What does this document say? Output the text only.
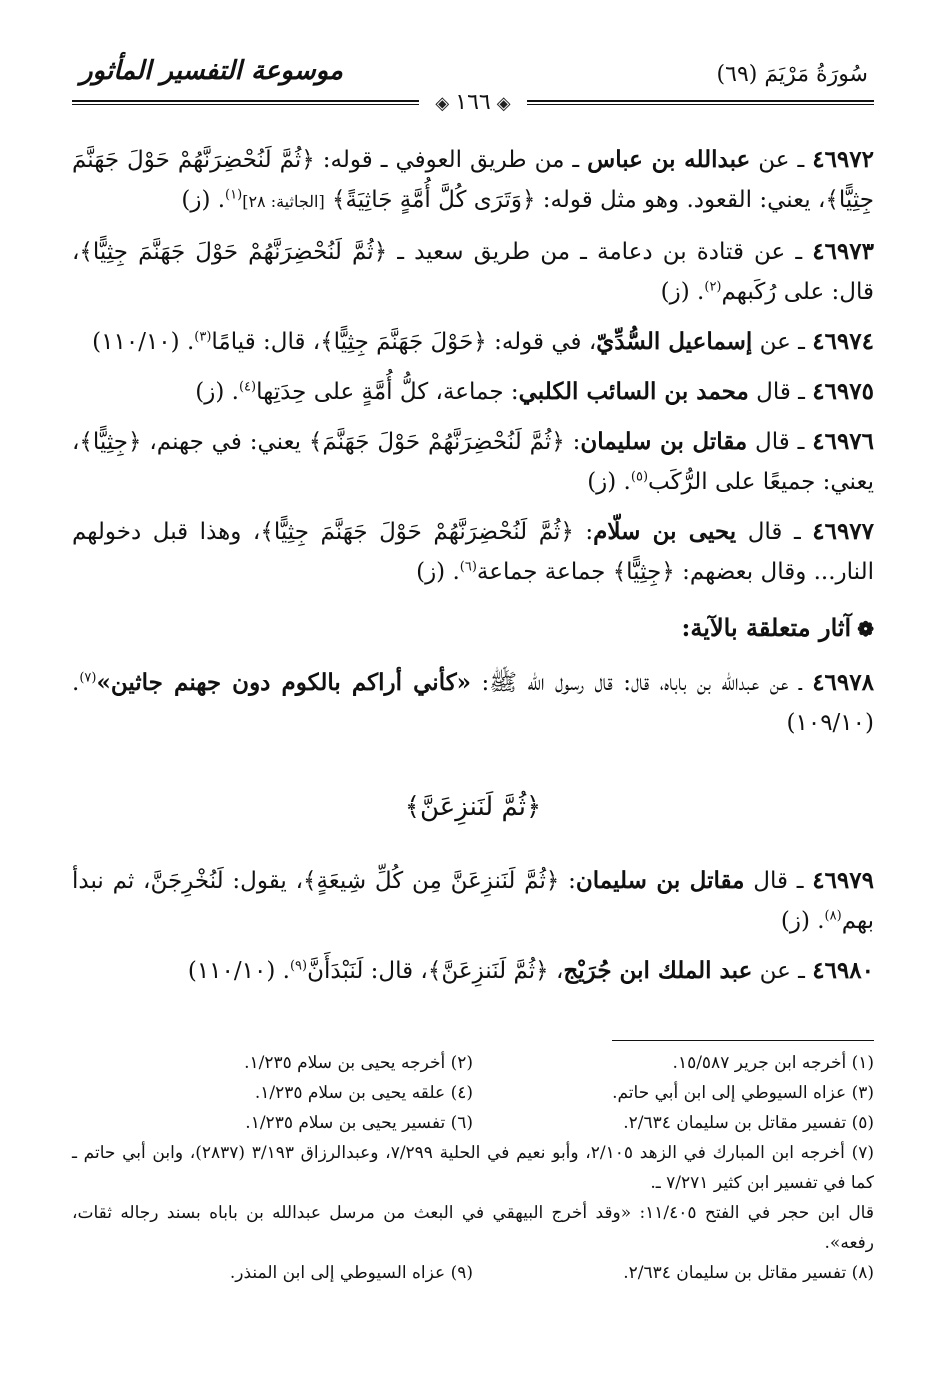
سُورَةُ مَرْيَمَ (٦٩)
موسوعة التفسير المأثور
◈١٦٦◈

٤٦٩٧٢ ـ عن عبدالله بن عباس ـ من طريق العوفي ـ قوله: ﴿ثُمَّ لَنُحْضِرَنَّهُمْ حَوْلَ جَهَنَّمَ جِثِيًّا﴾، يعني: القعود. وهو مثل قوله: ﴿وَتَرَى كُلَّ أُمَّةٍ جَاثِيَةً﴾ [الجاثية: ٢٨]$^{(١)}$. (ز)

٤٦٩٧٣ ـ عن قتادة بن دعامة ـ من طريق سعيد ـ ﴿ثُمَّ لَنُحْضِرَنَّهُمْ حَوْلَ جَهَنَّمَ جِثِيًّا﴾، قال: على رُكَبهم$^{(٢)}$. (ز)

٤٦٩٧٤ ـ عن إسماعيل السُّدِّيّ، في قوله: ﴿حَوْلَ جَهَنَّمَ جِثِيًّا﴾، قال: قيامًا$^{(٣)}$. (١١٠/١٠)

٤٦٩٧٥ ـ قال محمد بن السائب الكلبي: جماعة، كلُّ أُمَّةٍ على حِدَتِها$^{(٤)}$. (ز)

٤٦٩٧٦ ـ قال مقاتل بن سليمان: ﴿ثُمَّ لَنُحْضِرَنَّهُمْ حَوْلَ جَهَنَّمَ﴾ يعني: في جهنم، ﴿جِثِيًّا﴾، يعني: جميعًا على الرُّكَب$^{(٥)}$. (ز)

٤٦٩٧٧ ـ قال يحيى بن سلّام: ﴿ثُمَّ لَنُحْضِرَنَّهُمْ حَوْلَ جَهَنَّمَ جِثِيًّا﴾، وهذا قبل دخولهم النار... وقال بعضهم: ﴿جِثِيًّا﴾ جماعة جماعة$^{(٦)}$. (ز)

❁آثار متعلقة بالآية:

٤٦٩٧٨ ـ عن عبدالله بن باباه، قال: قال رسول الله ﷺ: «كأني أراكم بالكوم دون جهنم جاثين»$^{(٧)}$. (١٠٩/١٠)

﴿ثُمَّ لَنَنزِعَنَّ﴾

٤٦٩٧٩ ـ قال مقاتل بن سليمان: ﴿ثُمَّ لَنَنزِعَنَّ مِن كُلِّ شِيعَةٍ﴾، يقول: لَنُخْرِجَنَّ، ثم نبدأ بهم$^{(٨)}$. (ز)

٤٦٩٨٠ ـ عن عبد الملك ابن جُرَيْج، ﴿ثُمَّ لَنَنزِعَنَّ﴾، قال: لَنَبْدَأَنَّ$^{(٩)}$. (١١٠/١٠)

(١) أخرجه ابن جرير ١٥/٥٨٧.
(٢) أخرجه يحيى بن سلام ١/٢٣٥.
(٣) عزاه السيوطي إلى ابن أبي حاتم.
(٤) علقه يحيى بن سلام ١/٢٣٥.
(٥) تفسير مقاتل بن سليمان ٢/٦٣٤.
(٦) تفسير يحيى بن سلام ١/٢٣٥.
(٧) أخرجه ابن المبارك في الزهد ٢/١٠٥، وأبو نعيم في الحلية ٧/٢٩٩، وعبدالرزاق ٣/١٩٣ (٢٨٣٧)، وابن أبي حاتم ـ كما في تفسير ابن كثير ٧/٢٧١ ـ.
قال ابن حجر في الفتح ١١/٤٠٥: «وقد أخرج البيهقي في البعث من مرسل عبدالله بن باباه بسند رجاله ثقات، رفعه».
(٨) تفسير مقاتل بن سليمان ٢/٦٣٤.
(٩) عزاه السيوطي إلى ابن المنذر.
